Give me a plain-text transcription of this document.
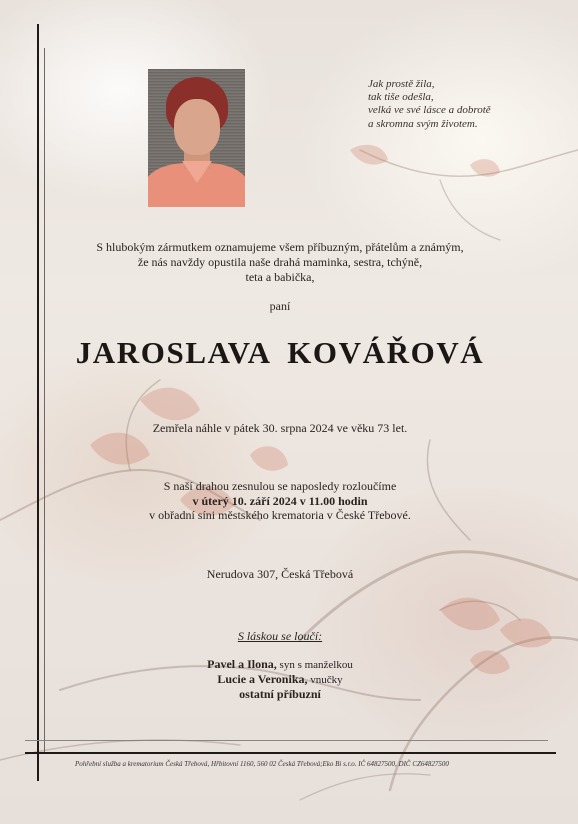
Jak prostě žila,
tak tiše odešla,
velká ve své lásce a dobrotě
a skromna svým životem.
S hlubokým zármutkem oznamujeme všem příbuzným, přátelům a známým,
že nás navždy opustila naše drahá maminka, sestra, tchýně,
teta a babička,
paní
JAROSLAVA KOVÁŘOVÁ
Zemřela náhle v pátek 30. srpna 2024 ve věku 73 let.
S naší drahou zesnulou se naposledy rozloučíme
v úterý 10. září 2024 v 11.00 hodin
v obřadní síni městského krematoria v České Třebové.
Nerudova 307, Česká Třebová
S láskou se loučí:
Pavel a Ilona, syn s manželkou
Lucie a Veronika, vnučky
ostatní příbuzní
Pohřební služba a krematorium Česká Třebová, Hřbitovní 1160, 560 02 Česká Třebová;Eko Bi s.r.o. IČ 64827500, DIČ CZ64827500
